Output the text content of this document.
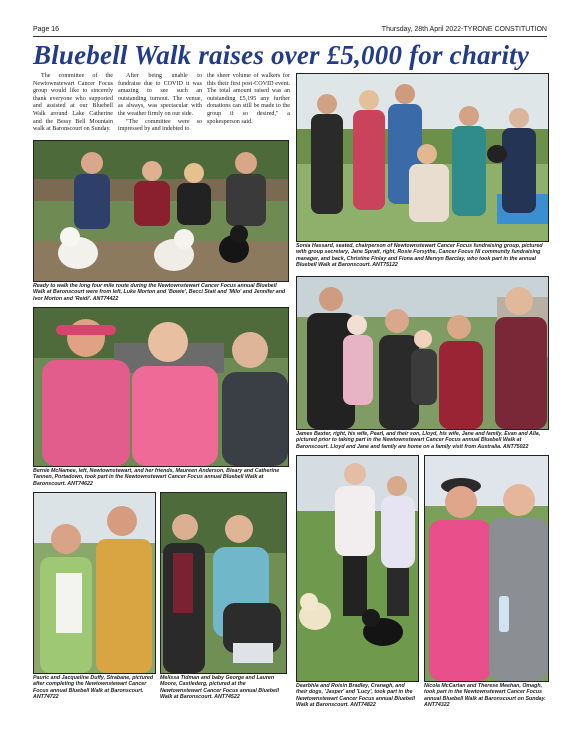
Page 16	Thursday, 28th April 2022-TYRONE CONSTITUTION
Bluebell Walk raises over £5,000 for charity

The committee of the Newtownstewart Cancer Focus group would like to sincerely thank everyone who supported and assisted at our Bluebell Walk around Lake Catherine and the Bessy Bell Mountain walk at Baronscourt on Sunday.

After being unable to fundraise due to COVID it was amazing to see such an outstanding turnout. The venue, as always, was spectacular with the weather firmly on our side.

"The committee were so impressed by and indebted to

the sheer volume of walkers for this their first post-COVID event. The total amount raised was an outstanding £5,195 any further donations can still be made to the group if so desired," a spokesperson said.

Ready to walk the long four mile route during the Newtownstewart Cancer Focus annual Bluebell Walk at Baronscourt were from left, Luke Morton and 'Bowie', Becci Stait and 'Milo' and Jennifer and Ivor Morton and 'Reidi'. ANT74422
Sonia Hassard, seated, chairperson of Newtownstewart Cancer Focus fundraising group, pictured with group secretary, Jane Spratt, right, Rosie Forsythe, Cancer Focus NI community fundraising manager, and back, Christine Finlay and Fiona and Mervyn Barclay, who took part in the annual Bluebell Walk at Baronscourt. ANT75122
Bernie McNamee, left, Newtownstewart, and her friends, Maureen Anderson, Bleary and Catherine Tannen, Portadown, took part in the Newtownstewart Cancer Focus annual Bluebell Walk at Baronscourt. ANT74622
James Baxter, right, his wife, Pearl, and their son, Lloyd, his wife, Jane and family, Evan and Alla, pictured prior to taking part in the Newtownstewart Cancer Focus annual Bluebell Walk at Baronscourt. Lloyd and Jane and family are home on a family visit from Australia. ANT75022
Pauric and Jacqueline Duffy, Strabane, pictured after completing the Newtownstewart Cancer Focus annual Bluebell Walk at Baronscourt. ANT74722
Melissa Tidman and baby George and Lauren Moore, Castlederg, pictured at the Newtownstewart Cancer Focus annual Bluebell Walk at Baronscourt. ANT74522
Dearbhla and Roisin Bradley, Cranagh, and their dogs, 'Jasper' and 'Lucy', took part in the Newtownstewart Cancer Focus annual Bluebell Walk at Baronscourt. ANT74822
Nicola McCartan and Therese Meehan, Omagh, took part in the Newtownstewart Cancer Focus annual Bluebell Walk at Baronscourt on Sunday. ANT74322
